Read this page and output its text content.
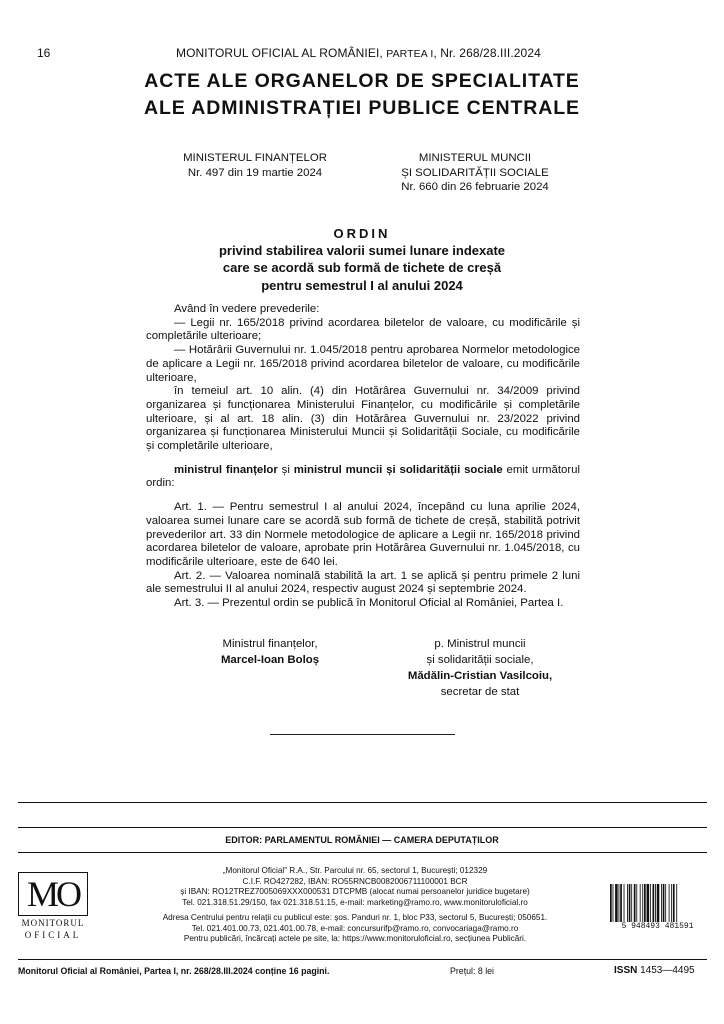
16	MONITORUL OFICIAL AL ROMÂNIEI, PARTEA I, Nr. 268/28.III.2024
ACTE ALE ORGANELOR DE SPECIALITATE
ALE ADMINISTRAȚIEI PUBLICE CENTRALE
MINISTERUL FINANȚELOR
Nr. 497 din 19 martie 2024
MINISTERUL MUNCII
ȘI SOLIDARITĂȚII SOCIALE
Nr. 660 din 26 februarie 2024
ORDIN
privind stabilirea valorii sumei lunare indexate
care se acordă sub formă de tichete de creșă
pentru semestrul I al anului 2024

Având în vedere prevederile:

— Legii nr. 165/2018 privind acordarea biletelor de valoare, cu modificările și completările ulterioare;

— Hotărârii Guvernului nr. 1.045/2018 pentru aprobarea Normelor metodologice de aplicare a Legii nr. 165/2018 privind acordarea biletelor de valoare, cu modificările ulterioare,

în temeiul art. 10 alin. (4) din Hotărârea Guvernului nr. 34/2009 privind organizarea și funcționarea Ministerului Finanțelor, cu modificările și completările ulterioare, și al art. 18 alin. (3) din Hotărârea Guvernului nr. 23/2022 privind organizarea și funcționarea Ministerului Muncii și Solidarității Sociale, cu modificările și completările ulterioare,

ministrul finanțelor și ministrul muncii și solidarității sociale emit următorul ordin:

Art. 1. — Pentru semestrul I al anului 2024, începând cu luna aprilie 2024, valoarea sumei lunare care se acordă sub formă de tichete de creșă, stabilită potrivit prevederilor art. 33 din Normele metodologice de aplicare a Legii nr. 165/2018 privind acordarea biletelor de valoare, aprobate prin Hotărârea Guvernului nr. 1.045/2018, cu modificările ulterioare, este de 640 lei.

Art. 2. — Valoarea nominală stabilită la art. 1 se aplică și pentru primele 2 luni ale semestrului II al anului 2024, respectiv august 2024 și septembrie 2024.

Art. 3. — Prezentul ordin se publică în Monitorul Oficial al României, Partea I.

Ministrul finanțelor,
Marcel-Ioan Boloș
p. Ministrul muncii
și solidarității sociale,
Mădălin-Cristian Vasilcoiu,
secretar de stat
EDITOR: PARLAMENTUL ROMÂNIEI — CAMERA DEPUTAȚILOR
MO
MONITORUL
OFICIAL
„Monitorul Oficial” R.A., Str. Parcului nr. 65, sectorul 1, București; 012329
C.I.F. RO427282, IBAN: RO55RNCB0082006711100001 BCR
și IBAN: RO12TREZ7005069XXX000531 DTCPMB (alocat numai persoanelor juridice bugetare)
Tel. 021.318.51.29/150, fax 021.318.51.15, e-mail: marketing@ramo.ro, www.monitoruloficial.ro
Adresa Centrului pentru relații cu publicul este: șos. Panduri nr. 1, bloc P33, sectorul 5, București; 050651.
Tel. 021.401.00.73, 021.401.00.78, e-mail: concursurifp@ramo.ro, convocariaga@ramo.ro
Pentru publicări, încărcați actele pe site, la: https://www.monitoruloficial.ro, secțiunea Publicări.
5 948493 481591
Monitorul Oficial al României, Partea I, nr. 268/28.III.2024 conține 16 pagini.	Prețul: 8 lei	ISSN 1453—4495
